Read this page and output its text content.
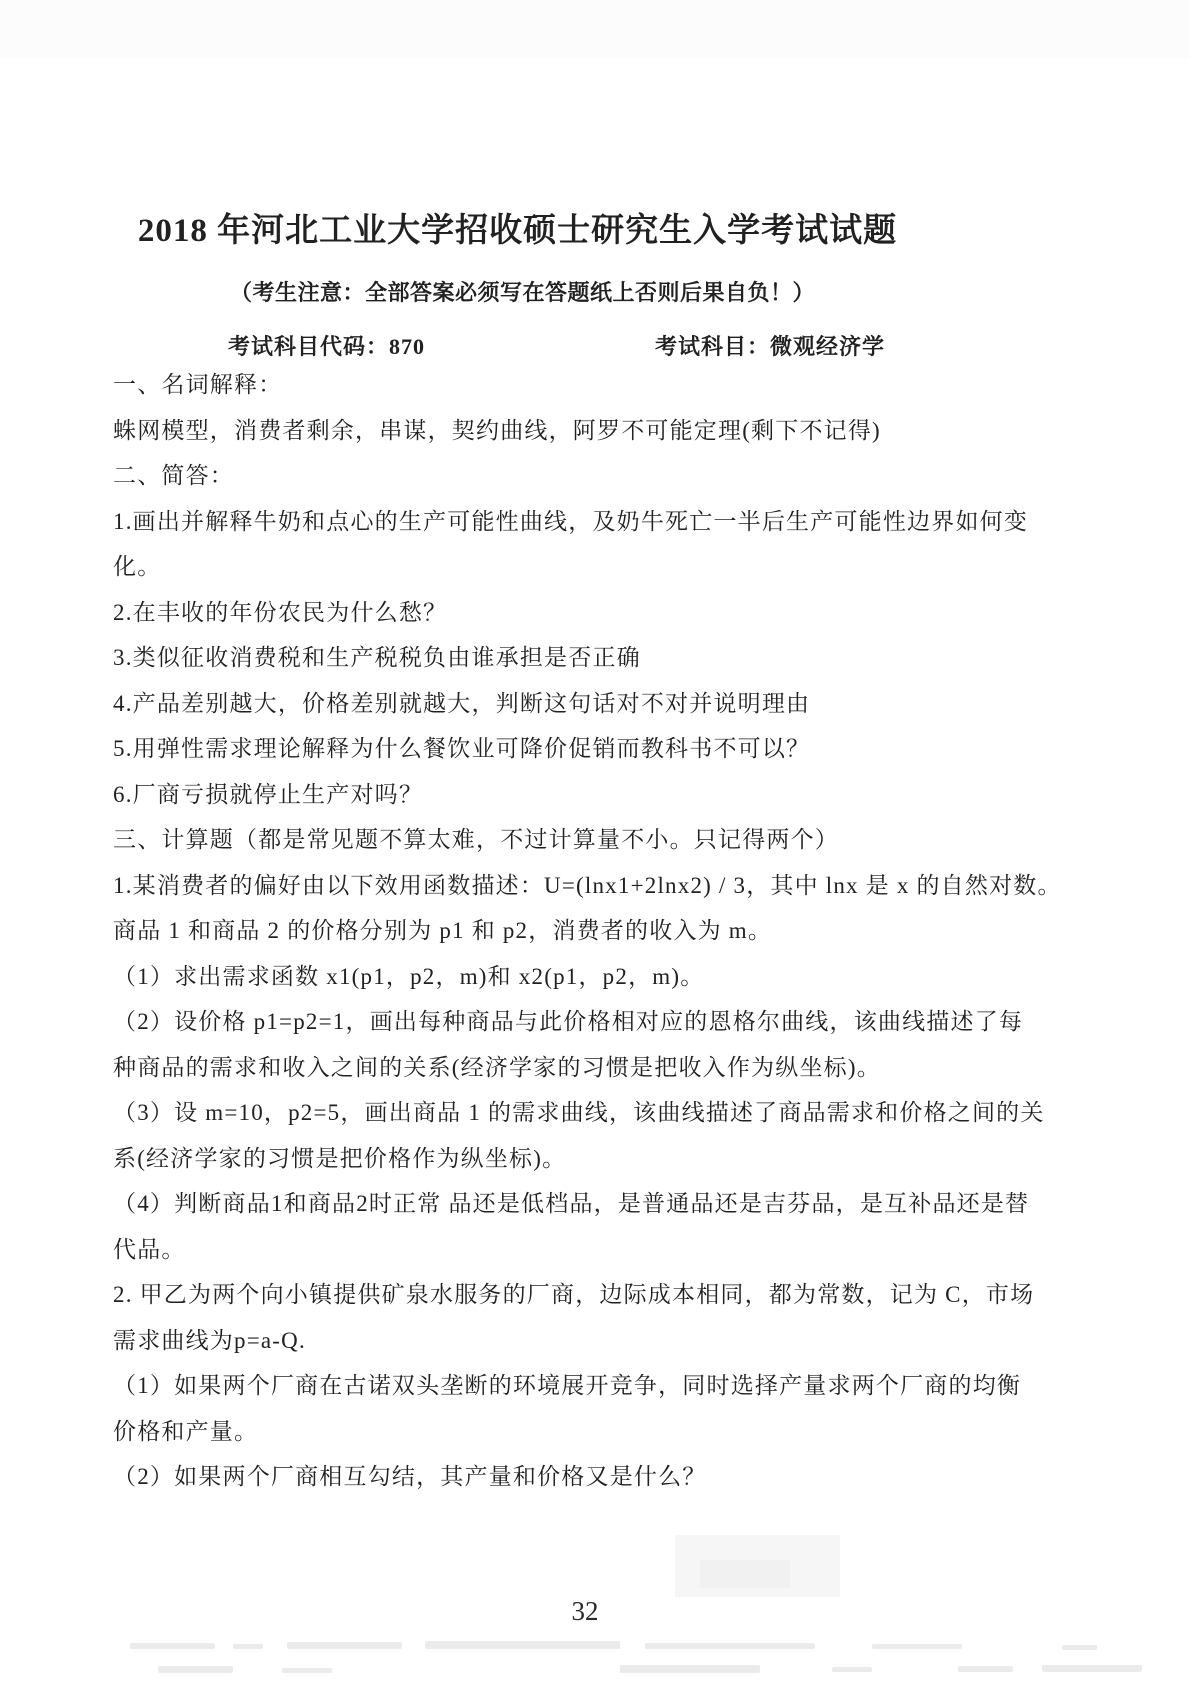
2018 年河北工业大学招收硕士研究生入学考试试题
（考生注意：全部答案必须写在答题纸上否则后果自负！）
考试科目代码：870	考试科目：微观经济学
一、名词解释：
蛛网模型，消费者剩余，串谋，契约曲线，阿罗不可能定理(剩下不记得)
二、简答：
1.画出并解释牛奶和点心的生产可能性曲线，及奶牛死亡一半后生产可能性边界如何变
化。
2.在丰收的年份农民为什么愁？
3.类似征收消费税和生产税税负由谁承担是否正确
4.产品差别越大，价格差别就越大，判断这句话对不对并说明理由
5.用弹性需求理论解释为什么餐饮业可降价促销而教科书不可以？
6.厂商亏损就停止生产对吗？
三、计算题（都是常见题不算太难，不过计算量不小。只记得两个）
1.某消费者的偏好由以下效用函数描述：U=(lnx1+2lnx2) / 3，其中 lnx 是 x 的自然对数。
商品 1 和商品 2 的价格分别为 p1 和 p2，消费者的收入为 m。
（1）求出需求函数 x1(p1，p2，m)和 x2(p1，p2，m)。
（2）设价格 p1=p2=1，画出每种商品与此价格相对应的恩格尔曲线，该曲线描述了每
种商品的需求和收入之间的关系(经济学家的习惯是把收入作为纵坐标)。
（3）设 m=10，p2=5，画出商品 1 的需求曲线，该曲线描述了商品需求和价格之间的关
系(经济学家的习惯是把价格作为纵坐标)。
（4）判断商品1和商品2时正常 品还是低档品，是普通品还是吉芬品，是互补品还是替
代品。
2. 甲乙为两个向小镇提供矿泉水服务的厂商，边际成本相同，都为常数，记为 C，市场
需求曲线为p=a-Q.
（1）如果两个厂商在古诺双头垄断的环境展开竞争，同时选择产量求两个厂商的均衡
价格和产量。
（2）如果两个厂商相互勾结，其产量和价格又是什么？
32
